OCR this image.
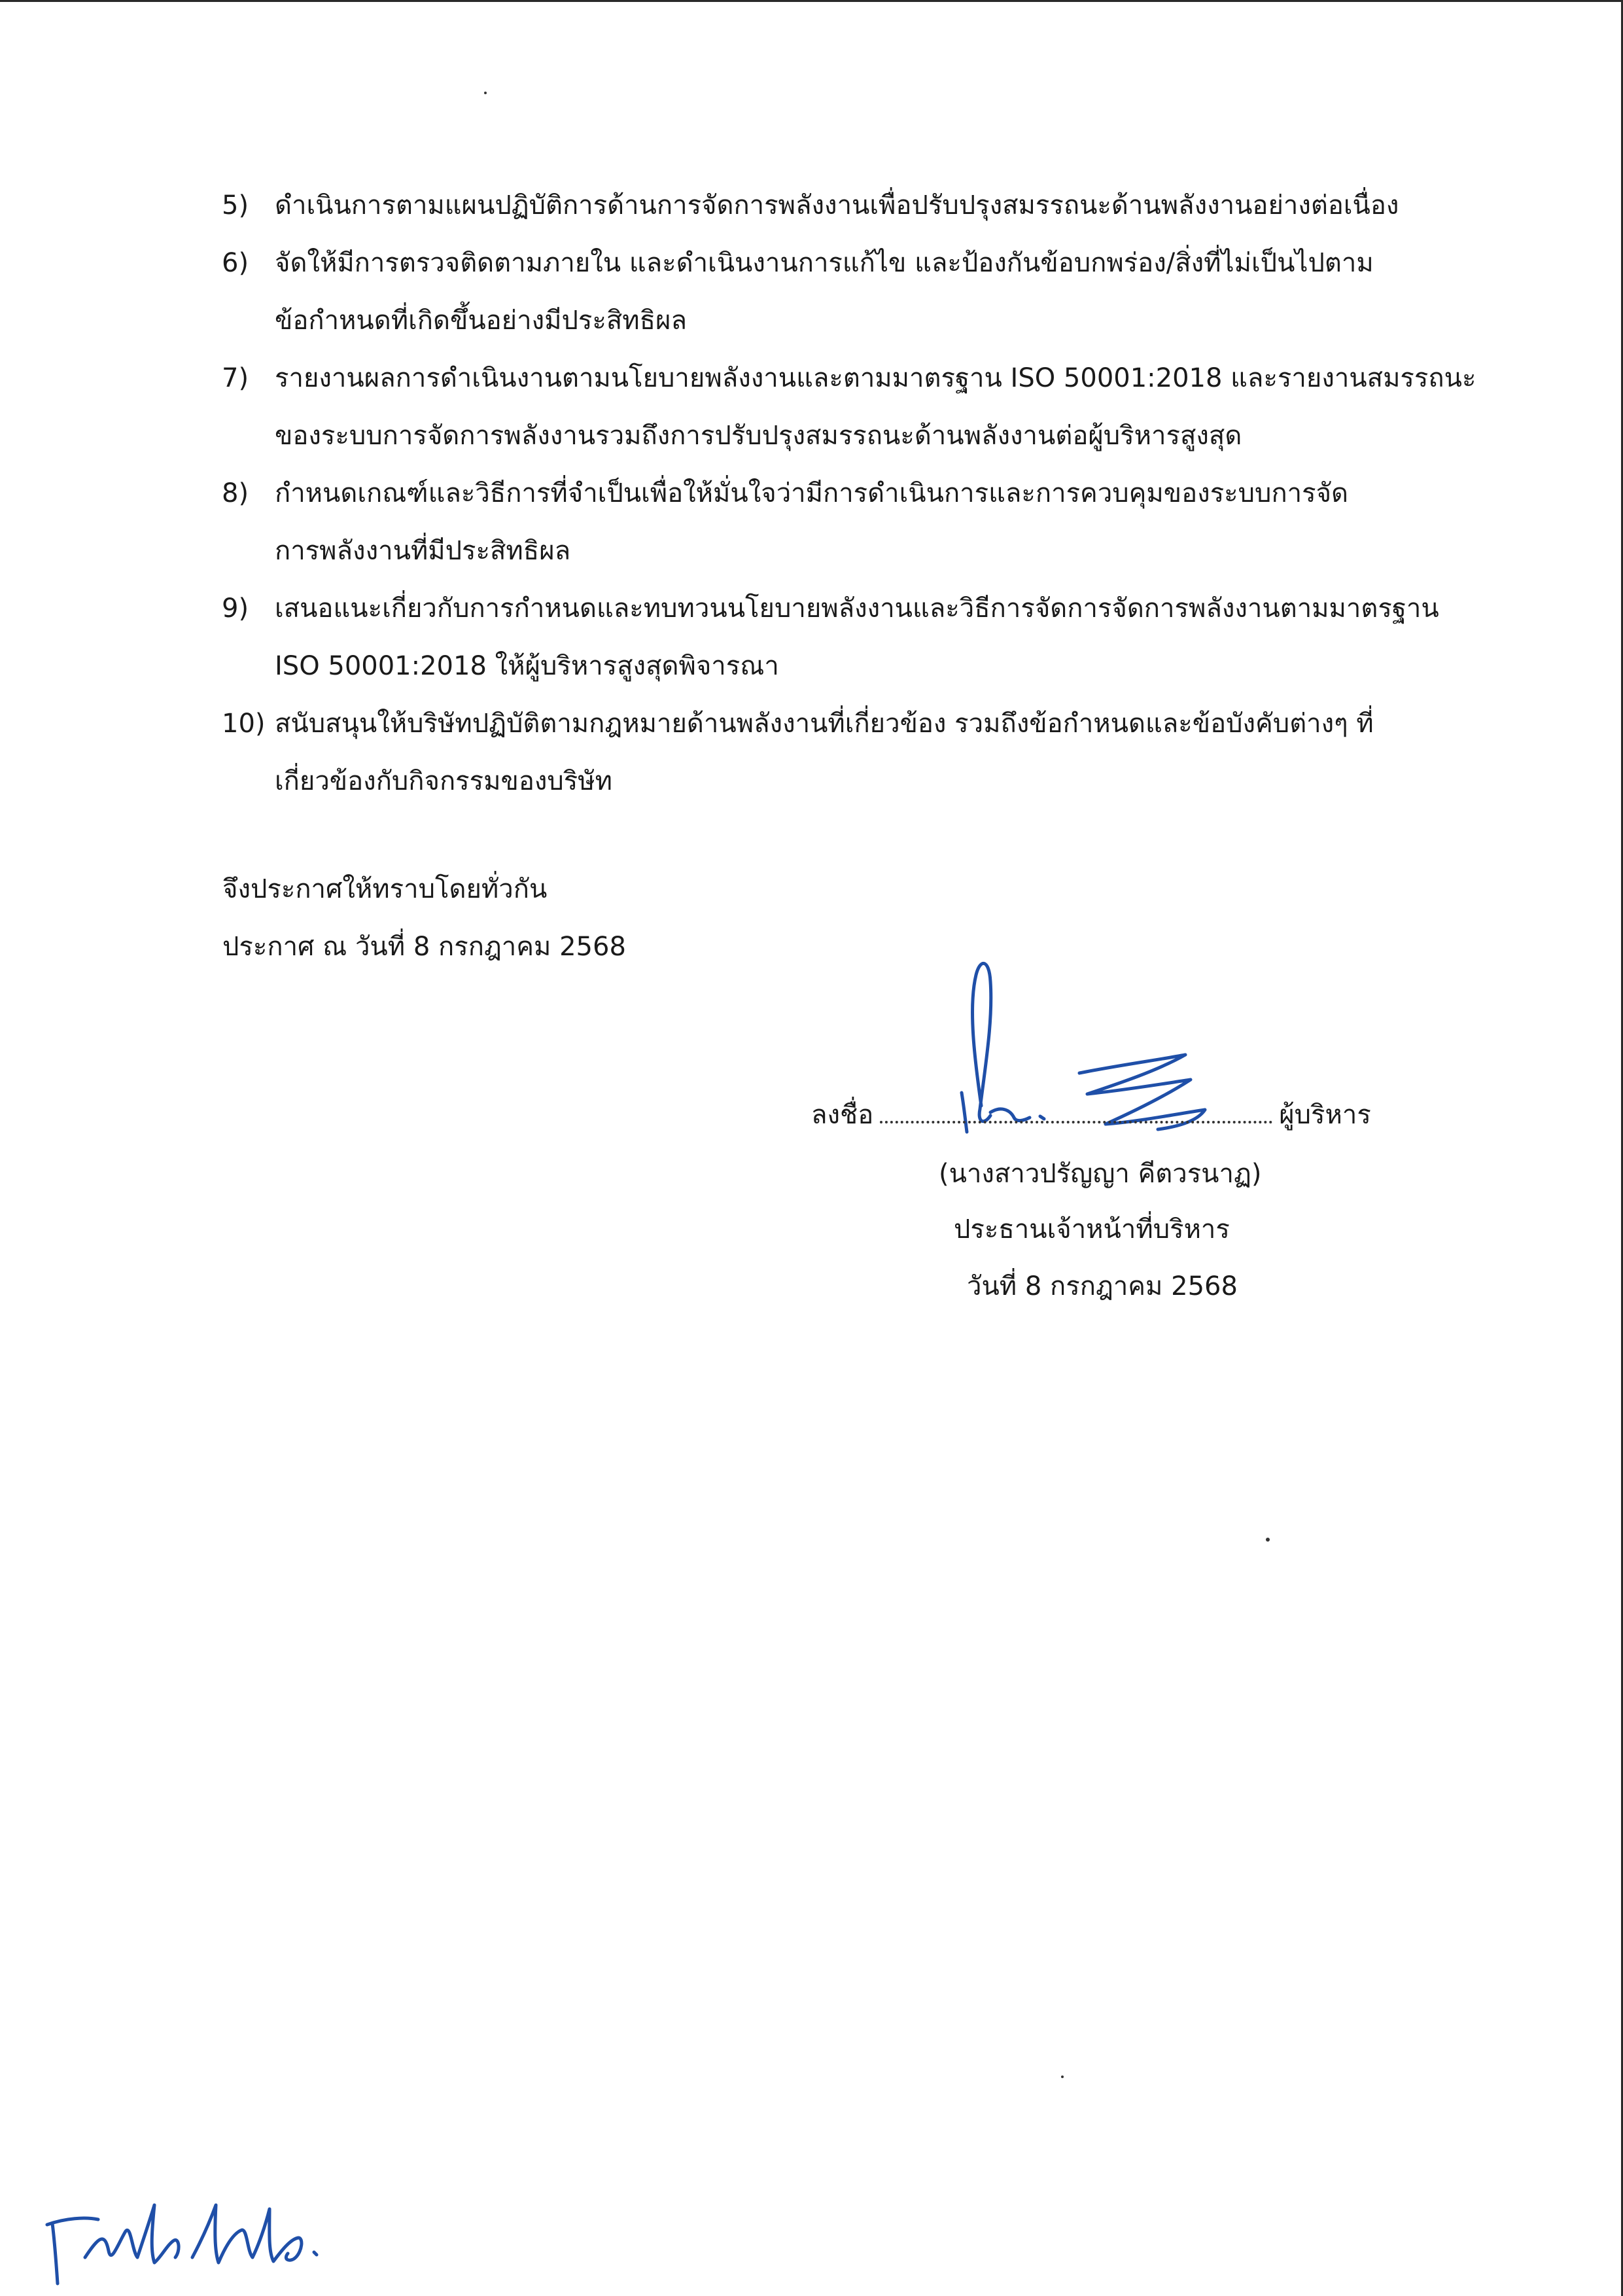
5) ดำเนินการตามแผนปฏิบัติการด้านการจัดการพลังงานเพื่อปรับปรุงสมรรถนะด้านพลังงานอย่างต่อเนื่อง
6) จัดให้มีการตรวจติดตามภายใน และดำเนินงานการแก้ไข และป้องกันข้อบกพร่อง/สิ่งที่ไม่เป็นไปตาม
ข้อกำหนดที่เกิดขึ้นอย่างมีประสิทธิผล
7) รายงานผลการดำเนินงานตามนโยบายพลังงานและตามมาตรฐาน ISO 50001:2018 และรายงานสมรรถนะ
ของระบบการจัดการพลังงานรวมถึงการปรับปรุงสมรรถนะด้านพลังงานต่อผู้บริหารสูงสุด
8) กำหนดเกณฑ์และวิธีการที่จำเป็นเพื่อให้มั่นใจว่ามีการดำเนินการและการควบคุมของระบบการจัด
การพลังงานที่มีประสิทธิผล
9) เสนอแนะเกี่ยวกับการกำหนดและทบทวนนโยบายพลังงานและวิธีการจัดการจัดการพลังงานตามมาตรฐาน
ISO 50001:2018 ให้ผู้บริหารสูงสุดพิจารณา
10) สนับสนุนให้บริษัทปฏิบัติตามกฎหมายด้านพลังงานที่เกี่ยวข้อง รวมถึงข้อกำหนดและข้อบังคับต่างๆ ที่
เกี่ยวข้องกับกิจกรรมของบริษัท
จึงประกาศให้ทราบโดยทั่วกัน
ประกาศ ณ วันที่ 8 กรกฎาคม 2568
ลงชื่อ	ผู้บริหาร
(นางสาวปรัญญา คีตวรนาฏ)
ประธานเจ้าหน้าที่บริหาร
วันที่ 8 กรกฎาคม 2568
